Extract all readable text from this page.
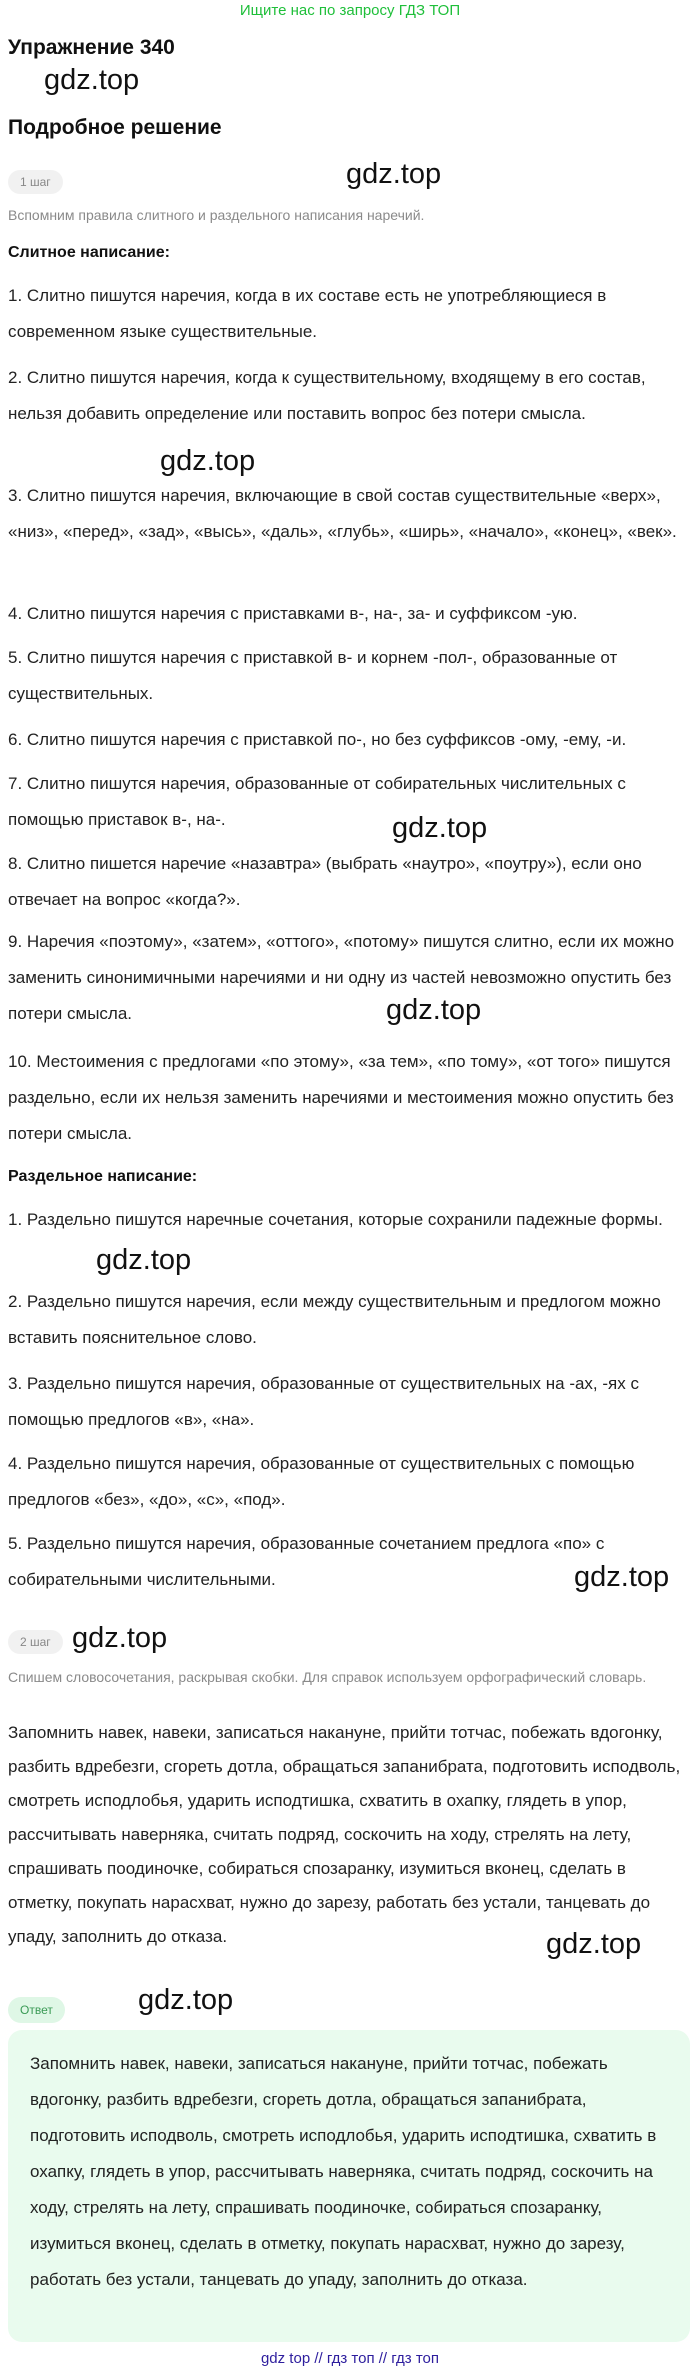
Ищите нас по запросу ГДЗ ТОП
Упражнение 340
gdz.top
Подробное решение
1 шаг	gdz.top
Вспомним правила слитного и раздельного написания наречий.
Слитное написание:
1. Слитно пишутся наречия, когда в их составе есть не употребляющиеся в современном языке существительные.
2. Слитно пишутся наречия, когда к существительному, входящему в его состав, нельзя добавить определение или поставить вопрос без потери смысла.
gdz.top
3. Слитно пишутся наречия, включающие в свой состав существительные «верх», «низ», «перед», «зад», «высь», «даль», «глубь», «ширь», «начало», «конец», «век».
4. Слитно пишутся наречия с приставками в-, на-, за- и суффиксом -ую.
5. Слитно пишутся наречия с приставкой в- и корнем -пол-, образованные от существительных.
6. Слитно пишутся наречия с приставкой по-, но без суффиксов -ому, -ему, -и.
7. Слитно пишутся наречия, образованные от собирательных числительных с помощью приставок в-, на-.	gdz.top
8. Слитно пишется наречие «назавтра» (выбрать «наутро», «поутру»), если оно отвечает на вопрос «когда?».
9. Наречия «поэтому», «затем», «оттого», «потому» пишутся слитно, если их можно заменить синонимичными наречиями и ни одну из частей невозможно опустить без потери смысла.	gdz.top
10. Местоимения с предлогами «по этому», «за тем», «по тому», «от того» пишутся раздельно, если их нельзя заменить наречиями и местоимения можно опустить без потери смысла.
Раздельное написание:
1. Раздельно пишутся наречные сочетания, которые сохранили падежные формы.
gdz.top
2. Раздельно пишутся наречия, если между существительным и предлогом можно вставить пояснительное слово.
3. Раздельно пишутся наречия, образованные от существительных на -ах, -ях с помощью предлогов «в», «на».
4. Раздельно пишутся наречия, образованные от существительных с помощью предлогов «без», «до», «с», «под».
5. Раздельно пишутся наречия, образованные сочетанием предлога «по» с собирательными числительными.	gdz.top
2 шаг gdz.top
Спишем словосочетания, раскрывая скобки. Для справок используем орфографический словарь.
Запомнить навек, навеки, записаться накануне, прийти тотчас, побежать вдогонку, разбить вдребезги, сгореть дотла, обращаться запанибрата, подготовить исподволь, смотреть исподлобья, ударить исподтишка, схватить в охапку, глядеть в упор, рассчитывать наверняка, считать подряд, соскочить на ходу, стрелять на лету, спрашивать поодиночке, собираться спозаранку, изумиться вконец, сделать в отметку, покупать нарасхват, нужно до зарезу, работать без устали, танцевать до упаду, заполнить до отказа.	gdz.top
Ответ	gdz.top
Запомнить навек, навеки, записаться накануне, прийти тотчас, побежать вдогонку, разбить вдребезги, сгореть дотла, обращаться запанибрата, подготовить исподволь, смотреть исподлобья, ударить исподтишка, схватить в охапку, глядеть в упор, рассчитывать наверняка, считать подряд, соскочить на ходу, стрелять на лету, спрашивать поодиночке, собираться спозаранку, изумиться вконец, сделать в отметку, покупать нарасхват, нужно до зарезу, работать без устали, танцевать до упаду, заполнить до отказа.
gdz top // гдз топ // гдз топ
